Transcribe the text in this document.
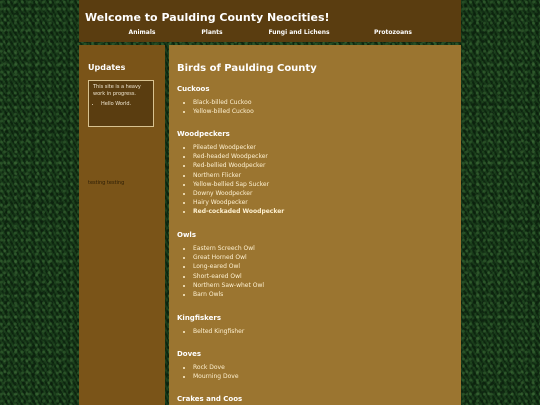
Welcome to Paulding County Neocities!
Animals	Plants	Fungi and Lichens	Protozoans
Updates

This site is a heavy work in progress.

• Hello World.

testing testing

Birds of Paulding County
Cuckoos
• Black-billed Cuckoo
• Yellow-billed Cuckoo
Woodpeckers
• Pileated Woodpecker
• Red-headed Woodpecker
• Red-bellied Woodpecker
• Northern Flicker
• Yellow-bellied Sap Sucker
• Downy Woodpecker
• Hairy Woodpecker
• Red-cockaded Woodpecker
Owls
• Eastern Screech Owl
• Great Horned Owl
• Long-eared Owl
• Short-eared Owl
• Northern Saw-whet Owl
• Barn Owls
Kingfiskers
• Belted Kingfisher
Doves
• Rock Dove
• Mourning Dove
Crakes and Coos
